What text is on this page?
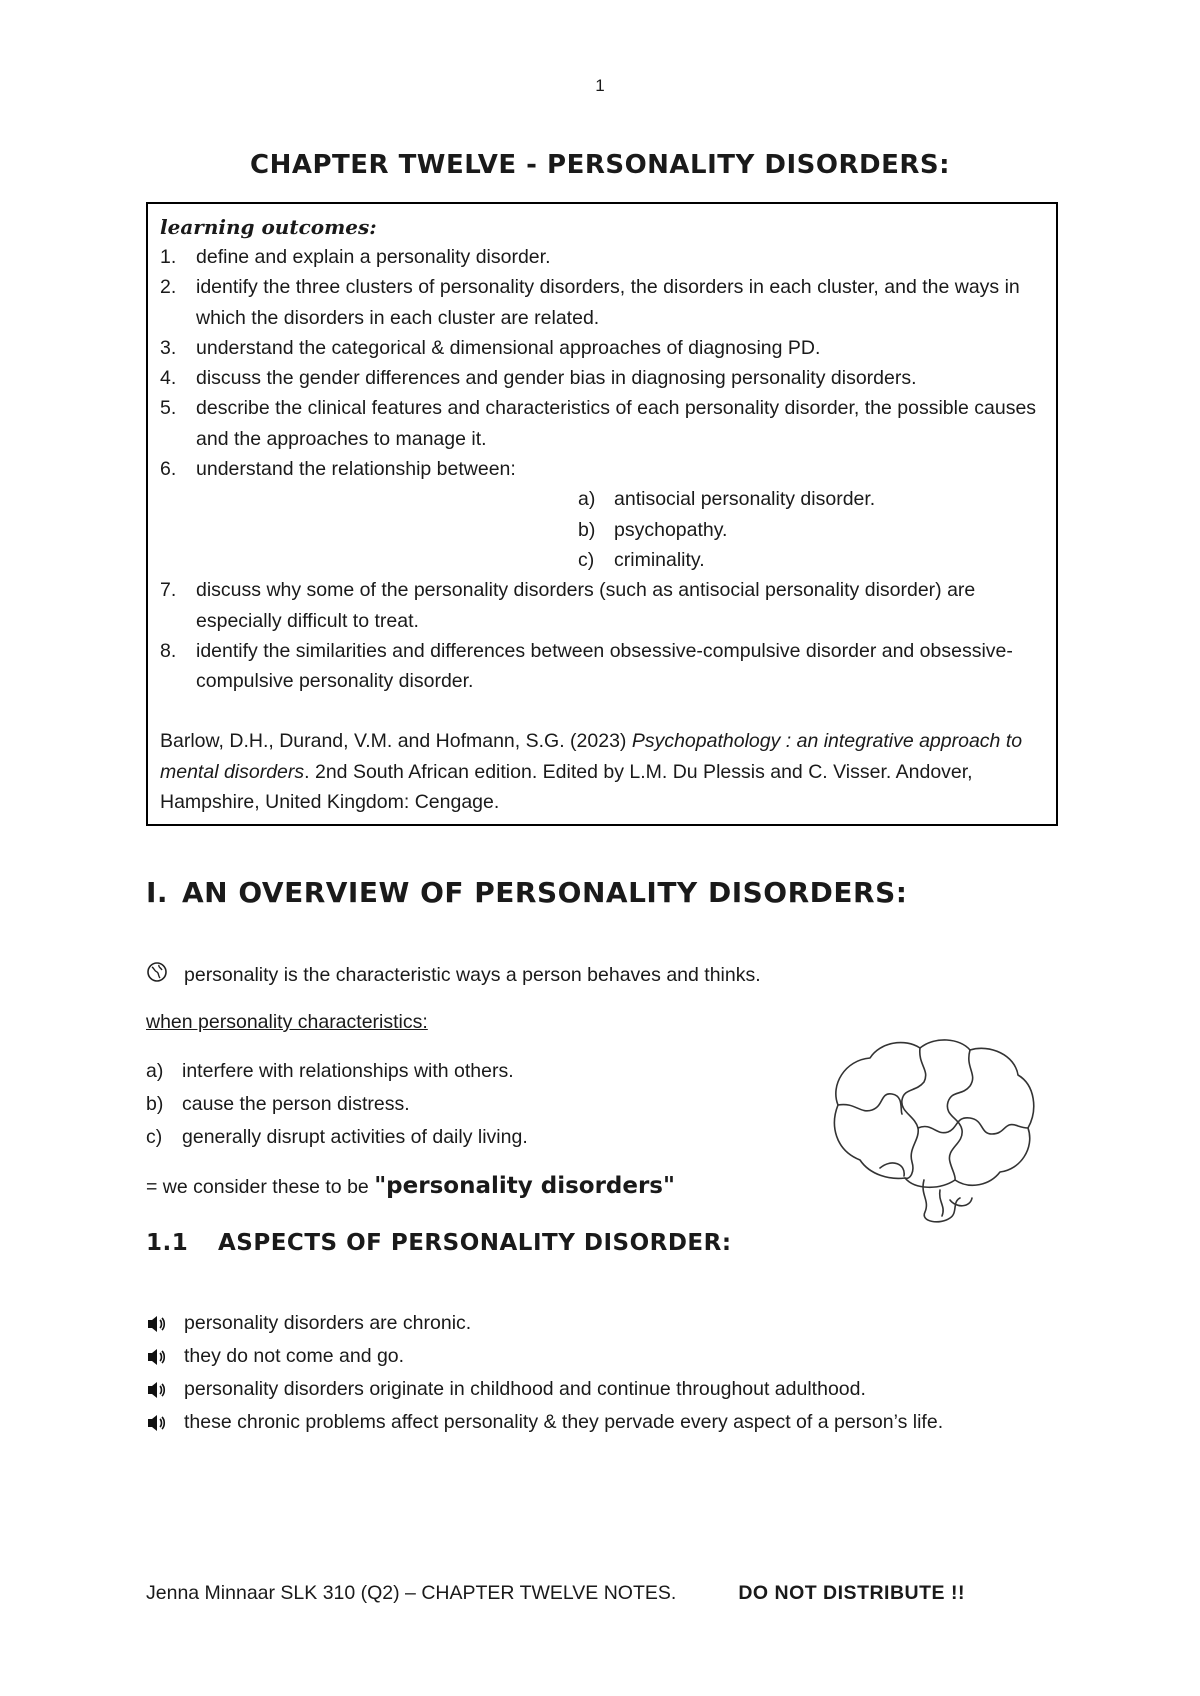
1
CHAPTER TWELVE - PERSONALITY DISORDERS:

learning outcomes:

1.	define and explain a personality disorder.
2.	identify the three clusters of personality disorders, the disorders in each cluster, and the ways in which the disorders in each cluster are related.
3.	understand the categorical & dimensional approaches of diagnosing PD.
4.	discuss the gender differences and gender bias in diagnosing personality disorders.
5.	describe the clinical features and characteristics of each personality disorder, the possible causes and the approaches to manage it.
6.	understand the relationship between:
a) antisocial personality disorder.
b) psychopathy.
c)	criminality.
7.	discuss why some of the personality disorders (such as antisocial personality disorder) are especially difficult to treat.
8.	identify the similarities and differences between obsessive-compulsive disorder and obsessive-compulsive personality disorder.

Barlow, D.H., Durand, V.M. and Hofmann, S.G. (2023) Psychopathology : an integrative approach to mental disorders. 2nd South African edition. Edited by L.M. Du Plessis and C. Visser. Andover, Hampshire, United Kingdom: Cengage.

I. AN OVERVIEW OF PERSONALITY DISORDERS:
personality is the characteristic ways a person behaves and thinks.
when personality characteristics:
a) interfere with relationships with others.
b) cause the person distress.
c)	generally disrupt activities of daily living.
= we consider these to be "personality disorders"
1.1 ASPECTS OF PERSONALITY DISORDER:
personality disorders are chronic.
they do not come and go.
personality disorders originate in childhood and continue throughout adulthood.
these chronic problems affect personality & they pervade every aspect of a person’s life.
Jenna Minnaar SLK 310 (Q2) – CHAPTER TWELVE NOTES.	DO NOT DISTRIBUTE !!
